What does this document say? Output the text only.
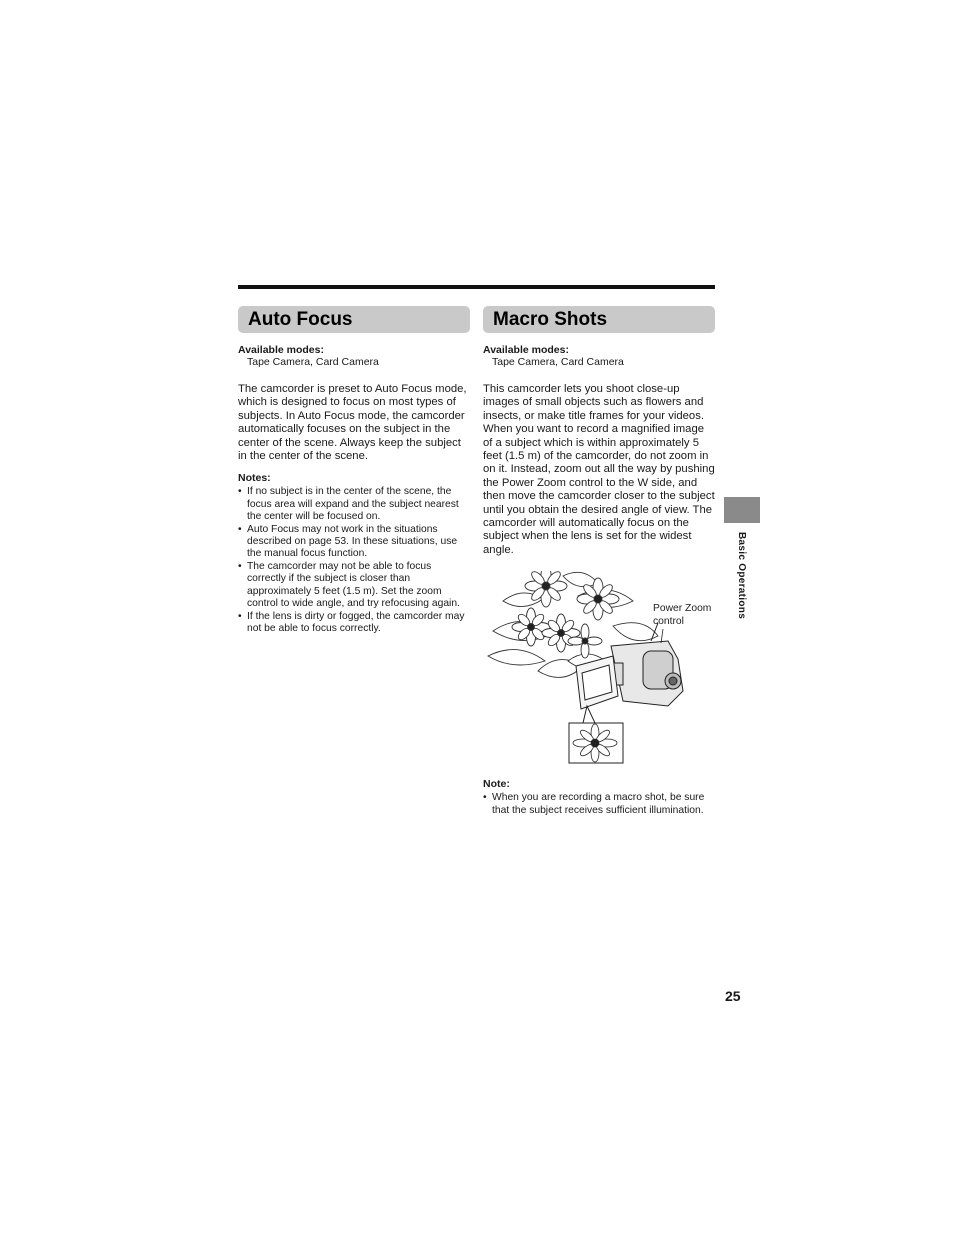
Auto Focus
Available modes:
Tape Camera, Card Camera
The camcorder is preset to Auto Focus mode, which is designed to focus on most types of subjects. In Auto Focus mode, the camcorder automatically focuses on the subject in the center of the scene. Always keep the subject in the center of the scene.
Notes:
• If no subject is in the center of the scene, the focus area will expand and the subject nearest the center will be focused on.
• Auto Focus may not work in the situations described on page 53. In these situations, use the manual focus function.
• The camcorder may not be able to focus correctly if the subject is closer than approximately 5 feet (1.5 m). Set the zoom control to wide angle, and try refocusing again.
• If the lens is dirty or fogged, the camcorder may not be able to focus correctly.
Macro Shots
Available modes:
Tape Camera, Card Camera
This camcorder lets you shoot close-up images of small objects such as flowers and insects, or make title frames for your videos. When you want to record a magnified image of a subject which is within approximately 5 feet (1.5 m) of the camcorder, do not zoom in on it. Instead, zoom out all the way by pushing the Power Zoom control to the W side, and then move the camcorder closer to the subject until you obtain the desired angle of view. The camcorder will automatically focus on the subject when the lens is set for the widest angle.
Power Zoom
control
Note:
• When you are recording a macro shot, be sure that the subject receives sufficient illumination.
Basic Operations
25
